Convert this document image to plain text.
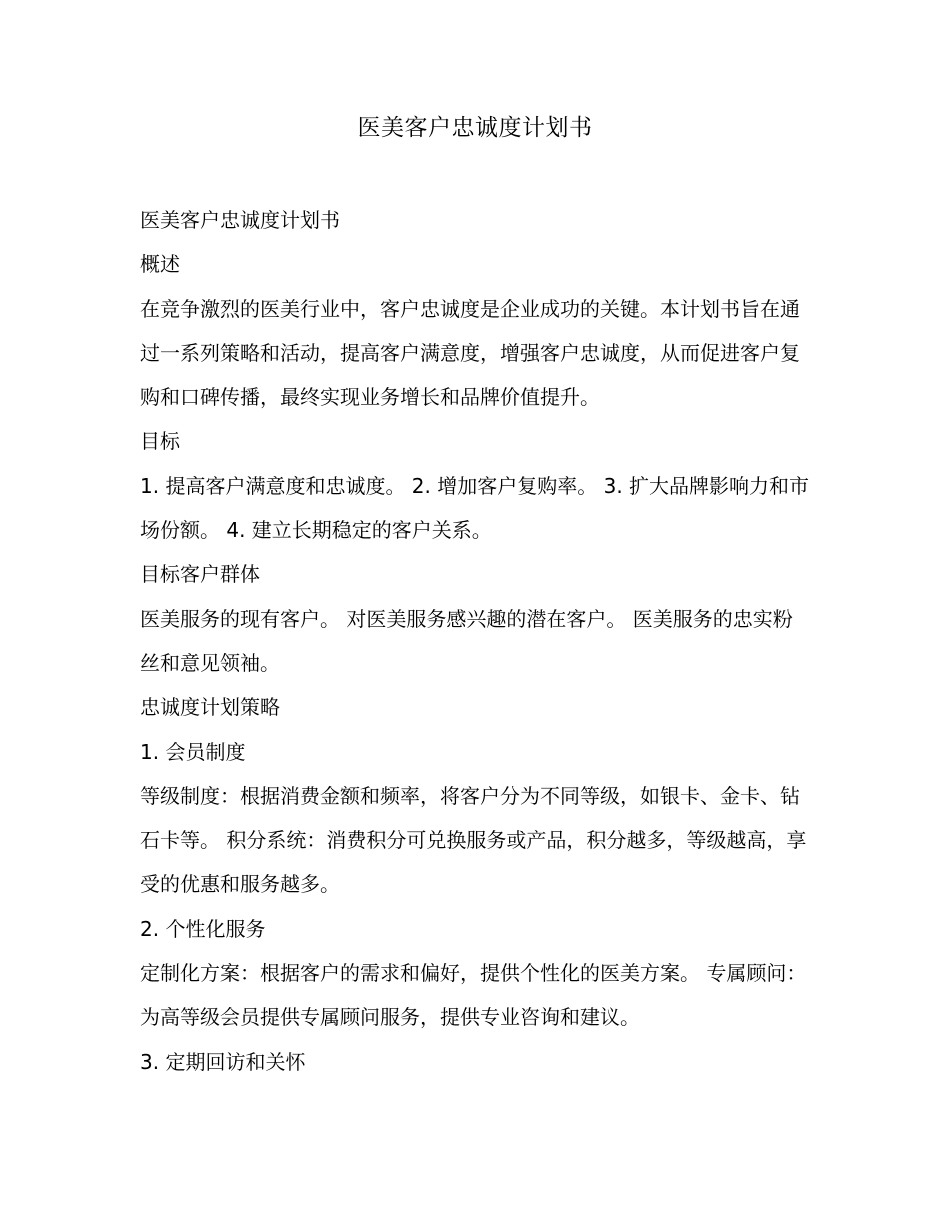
医美客户忠诚度计划书

医美客户忠诚度计划书

概述

在竞争激烈的医美行业中，客户忠诚度是企业成功的关键。本计划书旨在通过一系列策略和活动，提高客户满意度，增强客户忠诚度，从而促进客户复购和口碑传播，最终实现业务增长和品牌价值提升。

目标

1. 提高客户满意度和忠诚度。 2. 增加客户复购率。 3. 扩大品牌影响力和市场份额。 4. 建立长期稳定的客户关系。

目标客户群体

医美服务的现有客户。 对医美服务感兴趣的潜在客户。 医美服务的忠实粉丝和意见领袖。

忠诚度计划策略

1. 会员制度

等级制度：根据消费金额和频率，将客户分为不同等级，如银卡、金卡、钻石卡等。 积分系统：消费积分可兑换服务或产品，积分越多，等级越高，享受的优惠和服务越多。

2. 个性化服务

定制化方案：根据客户的需求和偏好，提供个性化的医美方案。 专属顾问：为高等级会员提供专属顾问服务，提供专业咨询和建议。

3. 定期回访和关怀
